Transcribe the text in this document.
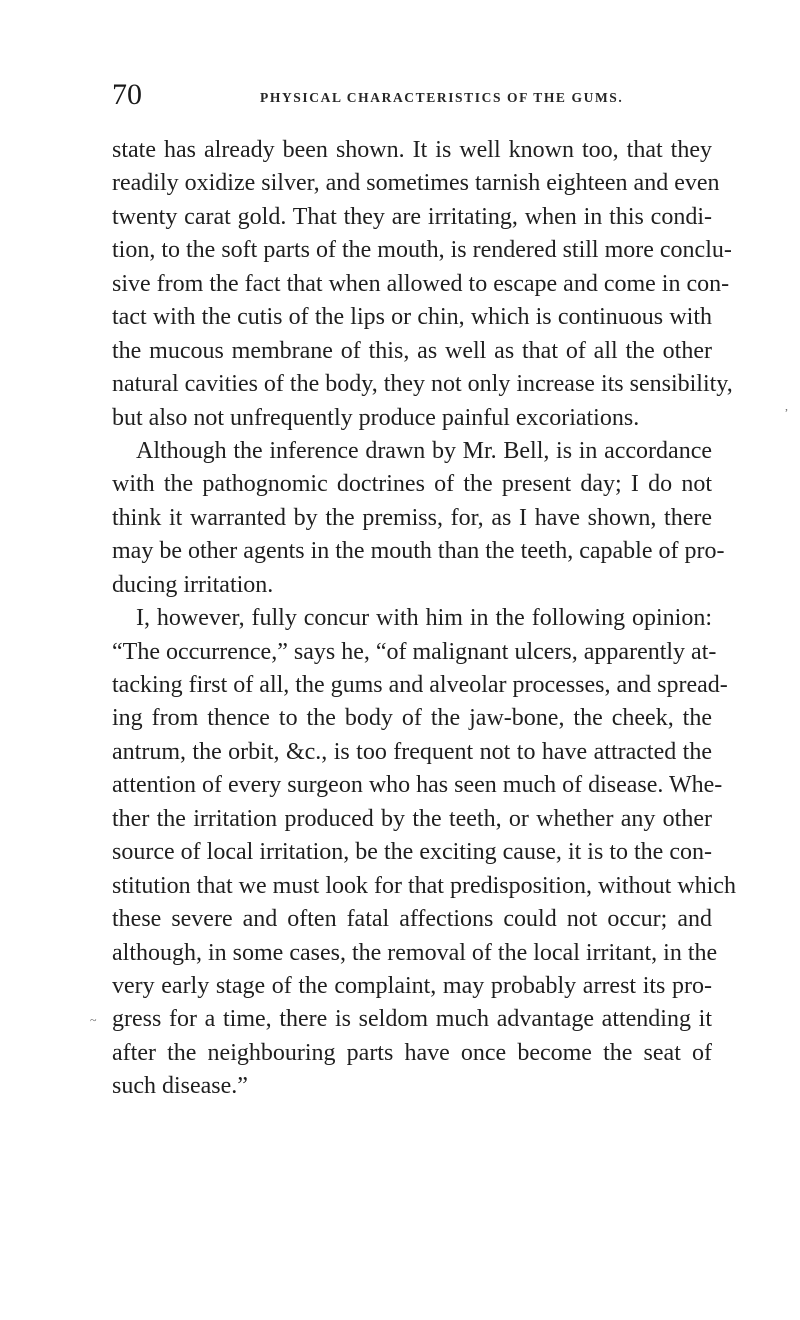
70	PHYSICAL CHARACTERISTICS OF THE GUMS.
,
~
state has already been shown. It is well known too, that they
readily oxidize silver, and sometimes tarnish eighteen and even
twenty carat gold. That they are irritating, when in this condi-
tion, to the soft parts of the mouth, is rendered still more conclu-
sive from the fact that when allowed to escape and come in con-
tact with the cutis of the lips or chin, which is continuous with
the mucous membrane of this, as well as that of all the other
natural cavities of the body, they not only increase its sensibility,
but also not unfrequently produce painful excoriations.
Although the inference drawn by Mr. Bell, is in accordance
with the pathognomic doctrines of the present day; I do not
think it warranted by the premiss, for, as I have shown, there
may be other agents in the mouth than the teeth, capable of pro-
ducing irritation.
I, however, fully concur with him in the following opinion:
“The occurrence,” says he, “of malignant ulcers, apparently at-
tacking first of all, the gums and alveolar processes, and spread-
ing from thence to the body of the jaw-bone, the cheek, the
antrum, the orbit, &c., is too frequent not to have attracted the
attention of every surgeon who has seen much of disease. Whe-
ther the irritation produced by the teeth, or whether any other
source of local irritation, be the exciting cause, it is to the con-
stitution that we must look for that predisposition, without which
these severe and often fatal affections could not occur; and
although, in some cases, the removal of the local irritant, in the
very early stage of the complaint, may probably arrest its pro-
gress for a time, there is seldom much advantage attending it
after the neighbouring parts have once become the seat of
such disease.”
